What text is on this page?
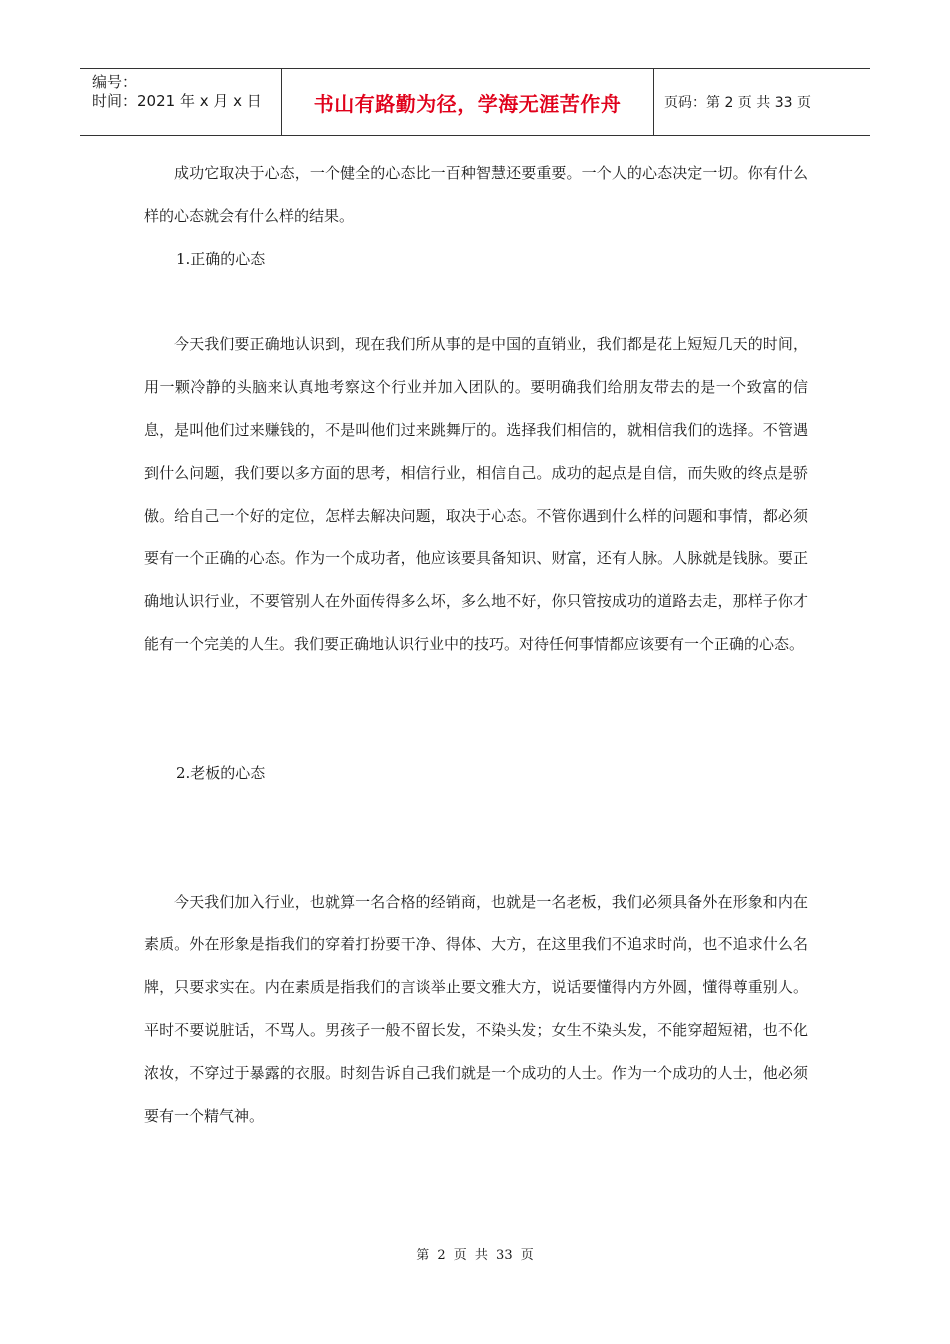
编号：
时间：2021 年 x 月 x 日	书山有路勤为径，学海无涯苦作舟	页码：第 2 页 共 33 页

成功它取决于心态，一个健全的心态比一百种智慧还要重要。一个人的心态决定一切。你有什么样的心态就会有什么样的结果。

1.正确的心态

今天我们要正确地认识到，现在我们所从事的是中国的直销业，我们都是花上短短几天的时间，用一颗冷静的头脑来认真地考察这个行业并加入团队的。要明确我们给朋友带去的是一个致富的信息，是叫他们过来赚钱的，不是叫他们过来跳舞厅的。选择我们相信的，就相信我们的选择。不管遇到什么问题，我们要以多方面的思考，相信行业，相信自己。成功的起点是自信，而失败的终点是骄傲。给自己一个好的定位，怎样去解决问题，取决于心态。不管你遇到什么样的问题和事情，都必须要有一个正确的心态。作为一个成功者，他应该要具备知识、财富，还有人脉。人脉就是钱脉。要正确地认识行业，不要管别人在外面传得多么坏，多么地不好，你只管按成功的道路去走，那样子你才能有一个完美的人生。我们要正确地认识行业中的技巧。对待任何事情都应该要有一个正确的心态。

2.老板的心态

今天我们加入行业，也就算一名合格的经销商，也就是一名老板，我们必须具备外在形象和内在素质。外在形象是指我们的穿着打扮要干净、得体、大方，在这里我们不追求时尚，也不追求什么名牌，只要求实在。内在素质是指我们的言谈举止要文雅大方，说话要懂得内方外圆，懂得尊重别人。平时不要说脏话，不骂人。男孩子一般不留长发，不染头发；女生不染头发，不能穿超短裙，也不化浓妆，不穿过于暴露的衣服。时刻告诉自己我们就是一个成功的人士。作为一个成功的人士，他必须要有一个精气神。

第 2 页 共 33 页
